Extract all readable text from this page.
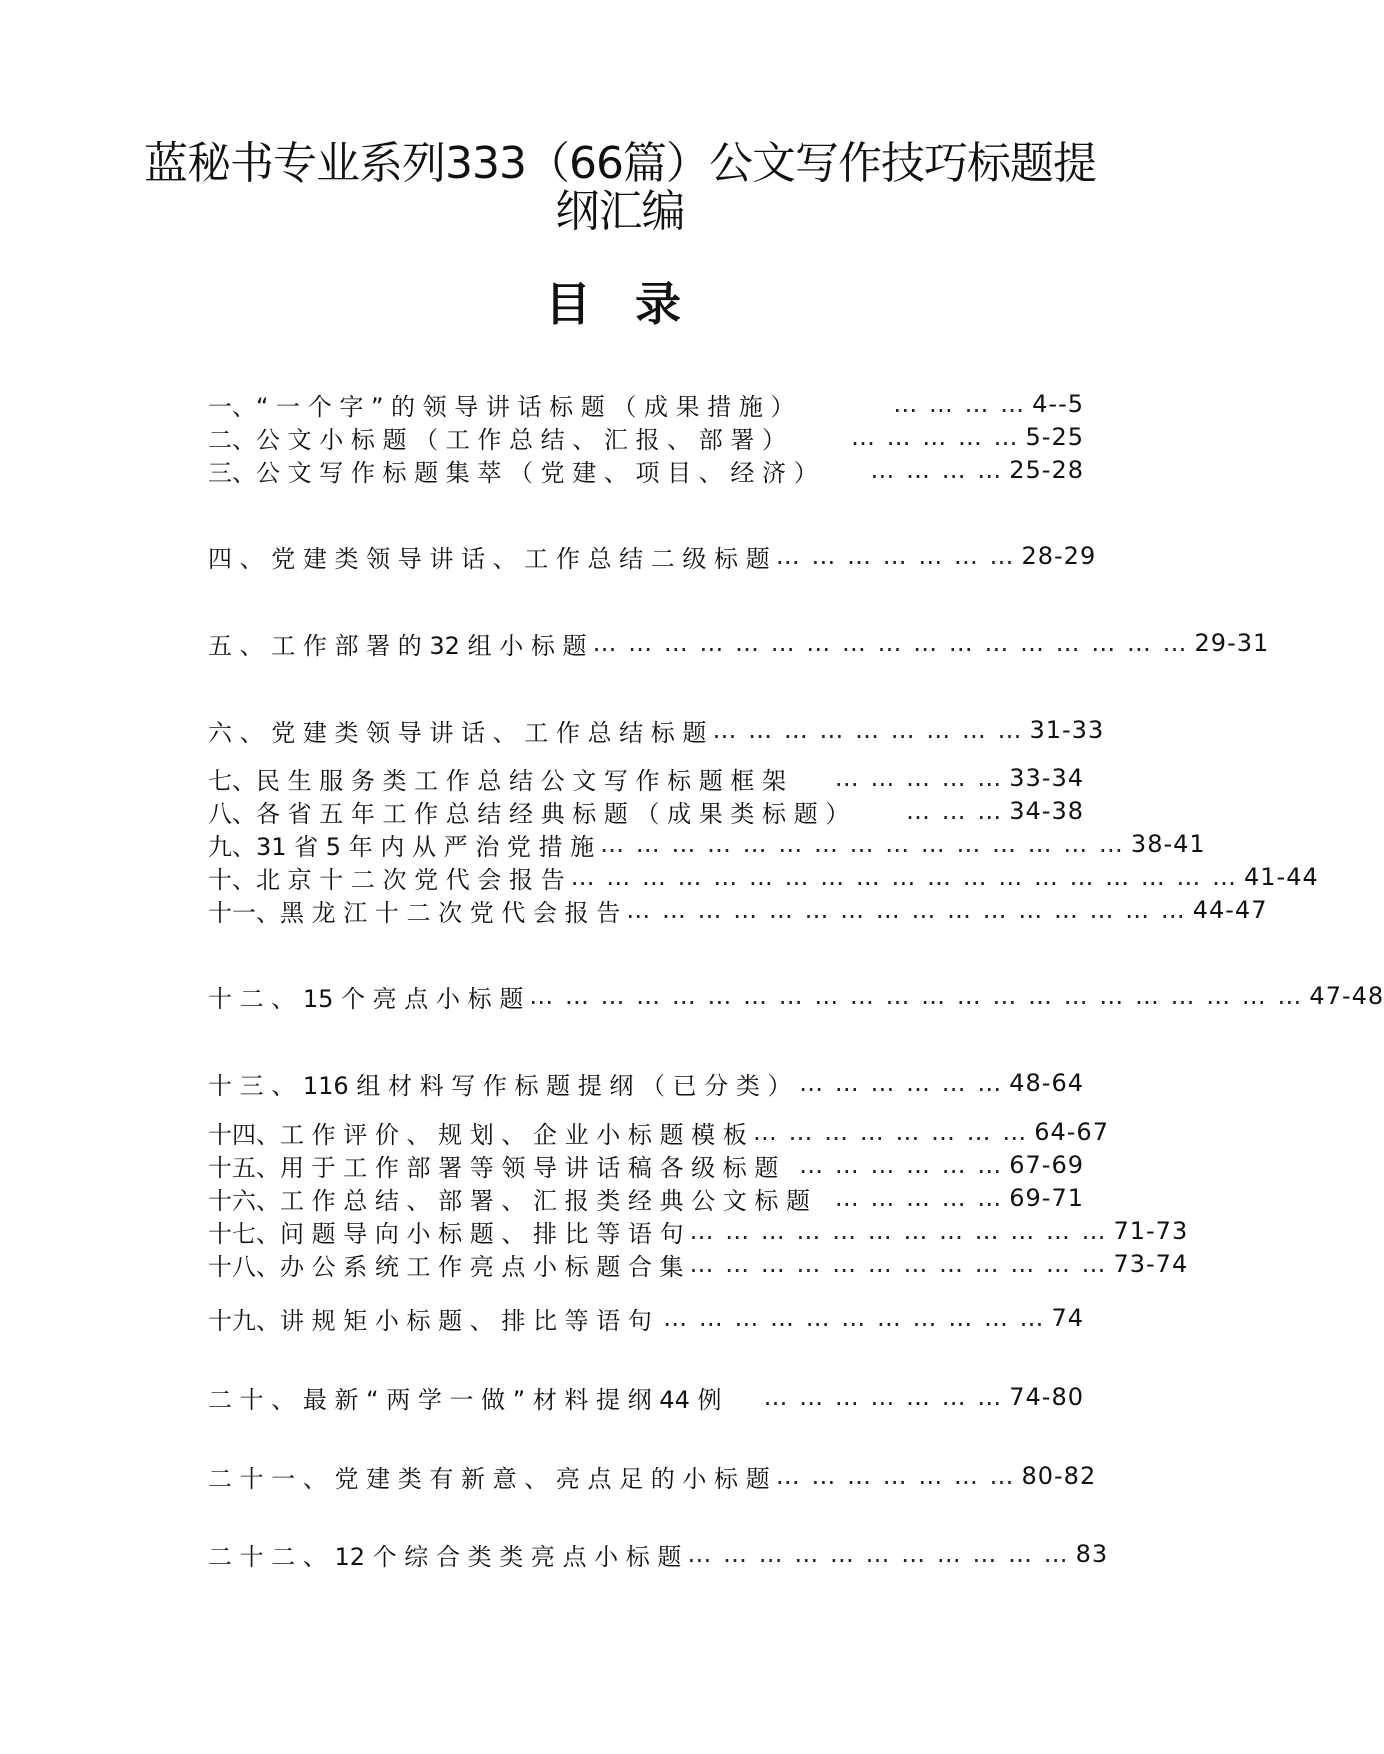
蓝秘书专业系列333（66篇）公文写作技巧标题提纲汇编
目 录
一、“ 一 个 字 ” 的 领 导 讲 话 标 题 （ 成 果 措 施 ）	… … … … 4--5
二、公 文 小 标 题 （ 工 作 总 结 、 汇 报 、 部 署 ）	… … … … … 5-25
三、公 文 写 作 标 题 集 萃 （ 党 建 、 项 目 、 经 济 ）	… … … … 25-28
四 、 党 建 类 领 导 讲 话 、 工 作 总 结 二 级 标 题 … … … … … … … 28-29
五 、 工 作 部 署 的 32 组 小 标 题 … … … … … … … … … … … … … … … … … 29-31
六 、 党 建 类 领 导 讲 话 、 工 作 总 结 标 题 … … … … … … … … … 31-33
七、民 生 服 务 类 工 作 总 结 公 文 写 作 标 题 框 架	… … … … … 33-34
八、各 省 五 年 工 作 总 结 经 典 标 题 （ 成 果 类 标 题 ）	… … … 34-38
九、31 省 5 年 内 从 严 治 党 措 施 … … … … … … … … … … … … … … … 38-41
十、北 京 十 二 次 党 代 会 报 告 … … … … … … … … … … … … … … … … … … … 41-44
十一、黑 龙 江 十 二 次 党 代 会 报 告 … … … … … … … … … … … … … … … … 44-47
十 二 、 15 个 亮 点 小 标 题 … … … … … … … … … … … … … … … … … … … … … … 47-48
十 三 、 116 组 材 料 写 作 标 题 提 纲 （ 已 分 类 ） … … … … … … 48-64
十四、工 作 评 价 、 规 划 、 企 业 小 标 题 模 板 … … … … … … … … 64-67
十五、用 于 工 作 部 署 等 领 导 讲 话 稿 各 级 标 题 … … … … … … 67-69
十六、工 作 总 结 、 部 署 、 汇 报 类 经 典 公 文 标 题	… … … … … 69-71
十七、问 题 导 向 小 标 题 、 排 比 等 语 句 … … … … … … … … … … … … 71-73
十八、办 公 系 统 工 作 亮 点 小 标 题 合 集 … … … … … … … … … … … … 73-74
十九、讲 规 矩 小 标 题 、 排 比 等 语 句 … … … … … … … … … … … 74
二 十 、 最 新 “ 两 学 一 做 ” 材 料 提 纲 44 例	… … … … … … … 74-80
二 十 一 、 党 建 类 有 新 意 、 亮 点 足 的 小 标 题 … … … … … … … 80-82
二 十 二 、 12 个 综 合 类 类 亮 点 小 标 题 … … … … … … … … … … … 83
